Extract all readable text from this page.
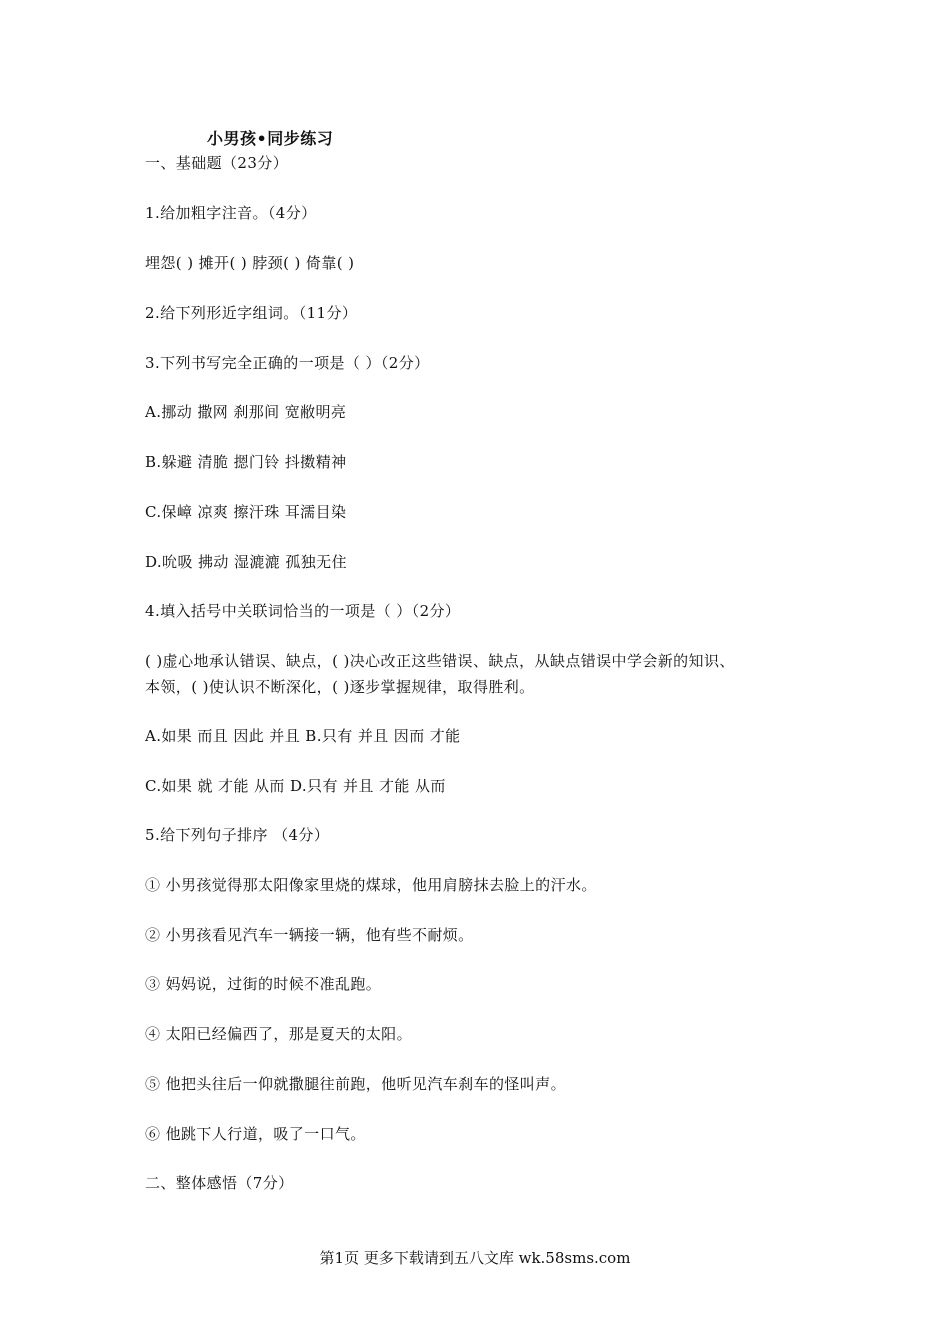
小男孩•同步练习
一、基础题（23分）
1.给加粗字注音。（4分）
埋怨( ) 摊开( ) 脖颈( ) 倚靠( )
2.给下列形近字组词。（11分）
3.下列书写完全正确的一项是（ ）（2分）
A.挪动 撒网 刹那间 宽敝明亮
B.躲避 清脆 摁门铃 抖擞精神
C.保嶂 凉爽 擦汗珠 耳濡目染
D.吮吸 拂动 湿漉漉 孤独无住
4.填入括号中关联词恰当的一项是（ ）（2分）
( )虚心地承认错误、缺点，( )决心改正这些错误、缺点，从缺点错误中学会新的知识、
本领，( )使认识不断深化，( )逐步掌握规律，取得胜利。
A.如果 而且 因此 并且 B.只有 并且 因而 才能
C.如果 就 才能 从而 D.只有 并且 才能 从而
5.给下列句子排序 （4分）
① 小男孩觉得那太阳像家里烧的煤球，他用肩膀抹去脸上的汗水。
② 小男孩看见汽车一辆接一辆，他有些不耐烦。
③ 妈妈说，过街的时候不准乱跑。
④ 太阳已经偏西了，那是夏天的太阳。
⑤ 他把头往后一仰就撒腿往前跑，他听见汽车刹车的怪叫声。
⑥ 他跳下人行道，吸了一口气。
二、整体感悟（7分）
第1页 更多下载请到五八文库 wk.58sms.com
